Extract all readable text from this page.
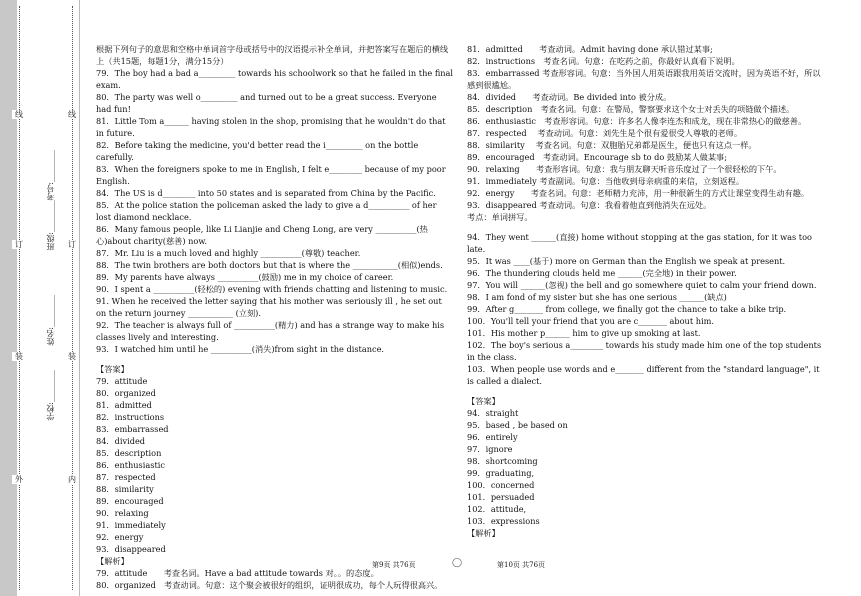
线
订
装
外
线
订
装
内
学校:________
姓名:________
班级:________
考号:________

根据下列句子的意思和空格中单词首字母或括号中的汉语提示补全单词，并把答案写在题后的横线上（共15题，每题1分，满分15分）

79．The boy had a bad a_________ towards his schoolwork so that he failed in the final exam.

80．The party was well o_________ and turned out to be a great success. Everyone had fun!

81．Little Tom a______ having stolen in the shop, promising that he wouldn't do that in future.

82．Before taking the medicine, you'd better read the i_________ on the bottle carefully.

83．When the foreigners spoke to me in English, I felt e________ because of my poor English.

84．The US is d________ into 50 states and is separated from China by the Pacific.

85．At the police station the policeman asked the lady to give a d__________ of her lost diamond necklace.

86．Many famous people, like Li Lianjie and Cheng Long, are very __________(热心)about charity(慈善) now.

87．Mr. Liu is a much loved and highly __________(尊敬) teacher.

88．The twin brothers are both doctors but that is where the ___________(相似)ends.

89．My parents have always __________(鼓励) me in my choice of career.

90．I spent a __________(轻松的) evening with friends chatting and listening to music.

91. When he received the letter saying that his mother was seriously ill , he set out on the return journey ___________ (立刻).

92．The teacher is always full of __________(精力) and has a strange way to make his classes lively and interesting.

93．I watched him until he __________(消失)from sight in the distance.

【答案】

79．attitude

80．organized

81．admitted

82．instructions

83．embarrassed

84．divided

85．description

86．enthusiastic

87．respected

88．similarity

89．encouraged

90．relaxing

91．immediately

92．energy

93．disappeared

【解析】

79．attitude　　考查名词。Have a bad attitude towards 对。。的态度。

80．organized　考查动词。句意：这个聚会被很好的组织，证明很成功，每个人玩得很高兴。

81．admitted　　考查动词。Admit having done 承认错过某事;

82．instructions　考查名词。句意：在吃药之前，你最好认真看下说明。

83．embarrassed 考查形容词。句意：当外国人用英语跟我用英语交流时，因为英语不好，所以感到很尴尬。

84．divided　　考查动词。Be divided into 被分成。

85．description　考查名词。句意：在警局，警察要求这个女士对丢失的项链做个描述。

86．enthusiastic　考查形容词。句意：许多名人像李连杰和成龙，现在非常热心的做慈善。

87．respected　 考查动词。句意：刘先生是个很有爱很受人尊敬的老师。

88．similarity　 考查名词。句意：双胞胎兄弟都是医生，便也只有这点一样。

89．encouraged　考查动词。Encourage sb to do 鼓励某人做某事;

90．relaxing　　考查形容词。句意：我与朋友聊天听音乐度过了一个很轻松的下午。

91．immediately 考查副词。句意：当他收到母亲病重的来信，立刻返程。

92．energy　　考查名词。句意：老师精力充沛，用一种很新生的方式让课堂变得生动有趣。

93．disappeared 考查动词。句意：我看着他直到他消失在远处。

考点：单词拼写。

94．They went ______(直接) home without stopping at the gas station, for it was too late.

95．It was ____(基于) more on German than the English we speak at present.

96．The thundering clouds held me ______(完全地) in their power.

97．You will ______(忽视) the bell and go somewhere quiet to calm your friend down.

98．I am fond of my sister but she has one serious ______(缺点)

99．After g_______ from college, we finally got the chance to take a bike trip.

100．You'll tell your friend that you are c_______ about him.

101．His mother p______ him to give up smoking at last.

102．The boy's serious a________ towards his study made him one of the top students in the class.

103．When people use words and e_______ different from the "standard language", it is called a dialect.

【答案】

94．straight

95．based , be based on

96．entirely

97．ignore

98．shortcoming

99．graduating,

100．concerned

101．persuaded

102．attitude,

103．expressions

【解析】

第9页 共76页	◯	第10页 共76页
